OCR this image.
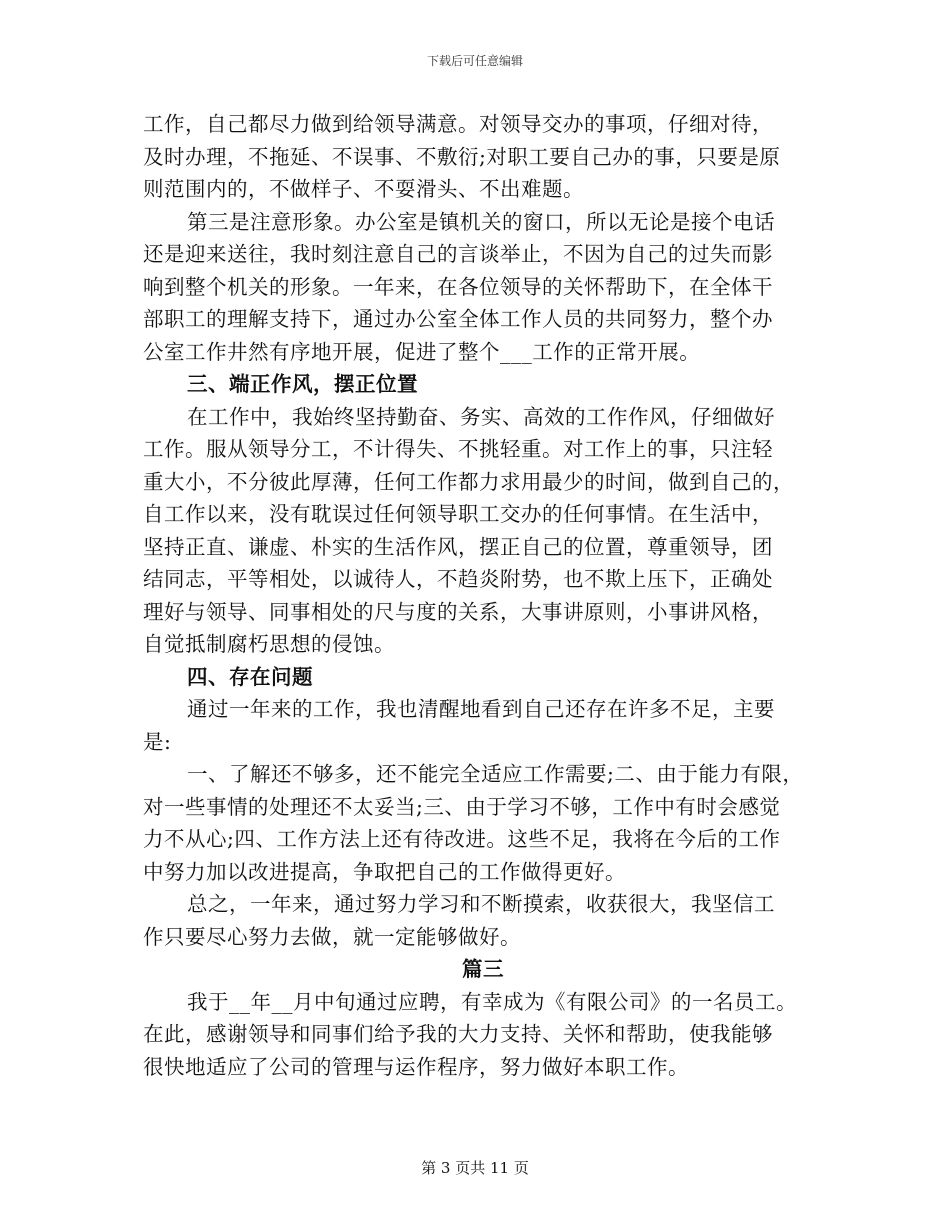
下载后可任意编辑
工作，自己都尽力做到给领导满意。对领导交办的事项，仔细对待，
及时办理，不拖延、不误事、不敷衍;对职工要自己办的事，只要是原
则范围内的，不做样子、不耍滑头、不出难题。
第三是注意形象。办公室是镇机关的窗口，所以无论是接个电话
还是迎来送往，我时刻注意自己的言谈举止，不因为自己的过失而影
响到整个机关的形象。一年来，在各位领导的关怀帮助下，在全体干
部职工的理解支持下，通过办公室全体工作人员的共同努力，整个办
公室工作井然有序地开展，促进了整个___工作的正常开展。
三、端正作风，摆正位置
在工作中，我始终坚持勤奋、务实、高效的工作作风，仔细做好
工作。服从领导分工，不计得失、不挑轻重。对工作上的事，只注轻
重大小，不分彼此厚薄，任何工作都力求用最少的时间，做到自己的，
自工作以来，没有耽误过任何领导职工交办的任何事情。在生活中，
坚持正直、谦虚、朴实的生活作风，摆正自己的位置，尊重领导，团
结同志，平等相处，以诚待人，不趋炎附势，也不欺上压下，正确处
理好与领导、同事相处的尺与度的关系，大事讲原则，小事讲风格，
自觉抵制腐朽思想的侵蚀。
四、存在问题
通过一年来的工作，我也清醒地看到自己还存在许多不足，主要
是:
一、了解还不够多，还不能完全适应工作需要;二、由于能力有限，
对一些事情的处理还不太妥当;三、由于学习不够，工作中有时会感觉
力不从心;四、工作方法上还有待改进。这些不足，我将在今后的工作
中努力加以改进提高，争取把自己的工作做得更好。
总之，一年来，通过努力学习和不断摸索，收获很大，我坚信工
作只要尽心努力去做，就一定能够做好。
篇三
我于__年__月中旬通过应聘，有幸成为《有限公司》的一名员工。
在此，感谢领导和同事们给予我的大力支持、关怀和帮助，使我能够
很快地适应了公司的管理与运作程序，努力做好本职工作。
第 3 页共 11 页
